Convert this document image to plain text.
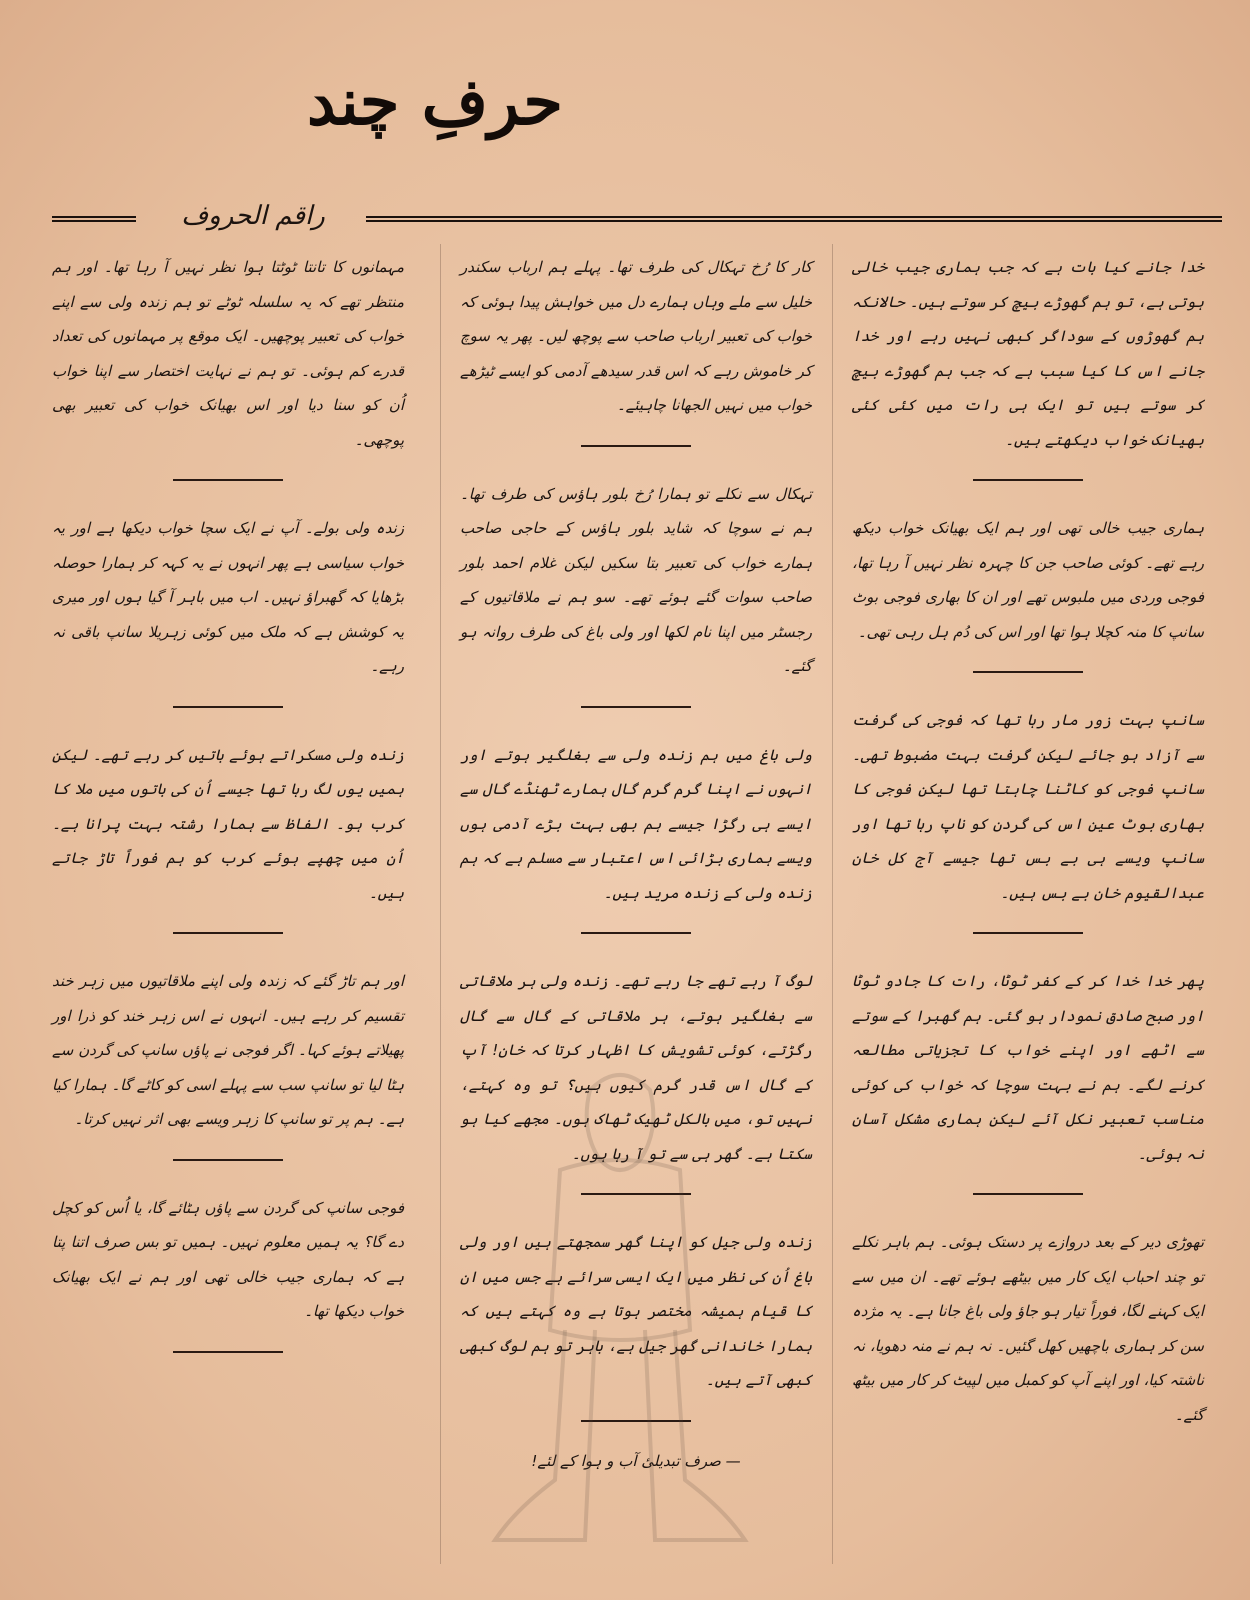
حرفِ چند
راقم الحروف

خدا جانے کیا بات ہے کہ جب ہماری جیب خالی ہوتی ہے، تو ہم گھوڑے بیچ کر سوتے ہیں۔ حالانکہ ہم گھوڑوں کے سوداگر کبھی نہیں رہے اور خدا جانے اس کا کیا سبب ہے کہ جب ہم گھوڑے بیچ کر سوتے ہیں تو ایک ہی رات میں کئی کئی بھیانک خواب دیکھتے ہیں۔

ہماری جیب خالی تھی اور ہم ایک بھیانک خواب دیکھ رہے تھے۔ کوئی صاحب جن کا چہرہ نظر نہیں آ رہا تھا، فوجی وردی میں ملبوس تھے اور ان کا بھاری فوجی بوٹ سانپ کا منہ کچلا ہوا تھا اور اس کی دُم ہل رہی تھی۔

سانپ بہت زور مار رہا تھا کہ فوجی کی گرفت سے آزاد ہو جائے لیکن گرفت بہت مضبوط تھی۔ سانپ فوجی کو کاٹنا چاہتا تھا لیکن فوجی کا بھاری بوٹ عین اس کی گردن کو ناپ رہا تھا اور سانپ ویسے ہی بے بس تھا جیسے آج کل خان عبدالقیوم خان بے بس ہیں۔

پھر خدا خدا کر کے کفر ٹوٹا، رات کا جادو ٹوٹا اور صبح صادق نمودار ہو گئی۔ ہم گھبرا کے سوتے سے اٹھے اور اپنے خواب کا تجزیاتی مطالعہ کرنے لگے۔ ہم نے بہت سوچا کہ خواب کی کوئی مناسب تعبیر نکل آئے لیکن ہماری مشکل آسان نہ ہوئی۔

تھوڑی دیر کے بعد دروازے پر دستک ہوئی۔ ہم باہر نکلے تو چند احباب ایک کار میں بیٹھے ہوئے تھے۔ ان میں سے ایک کہنے لگا، فوراً تیار ہو جاؤ ولی باغ جانا ہے۔ یہ مژدہ سن کر ہماری باچھیں کھل گئیں۔ نہ ہم نے منہ دھویا، نہ ناشتہ کیا، اور اپنے آپ کو کمبل میں لپیٹ کر کار میں بیٹھ گئے۔

کار کا رُخ تہکال کی طرف تھا۔ پہلے ہم ارباب سکندر خلیل سے ملے وہاں ہمارے دل میں خواہش پیدا ہوئی کہ خواب کی تعبیر ارباب صاحب سے پوچھ لیں۔ پھر یہ سوچ کر خاموش رہے کہ اس قدر سیدھے آدمی کو ایسے ٹیڑھے خواب میں نہیں الجھانا چاہیئے۔

تہکال سے نکلے تو ہمارا رُخ بلور ہاؤس کی طرف تھا۔ ہم نے سوچا کہ شاید بلور ہاؤس کے حاجی صاحب ہمارے خواب کی تعبیر بتا سکیں لیکن غلام احمد بلور صاحب سوات گئے ہوئے تھے۔ سو ہم نے ملاقاتیوں کے رجسٹر میں اپنا نام لکھا اور ولی باغ کی طرف روانہ ہو گئے۔

ولی باغ میں ہم زندہ ولی سے بغلگیر ہوتے اور انہوں نے اپنا گرم گرم گال ہمارے ٹھنڈے گال سے ایسے ہی رگڑا جیسے ہم بھی بہت بڑے آدمی ہوں ویسے ہماری بڑائی اس اعتبار سے مسلم ہے کہ ہم زندہ ولی کے زندہ مرید ہیں۔

لوگ آ رہے تھے جا رہے تھے۔ زندہ ولی ہر ملاقاتی سے بغلگیر ہوتے، ہر ملاقاتی کے گال سے گال رگڑتے، کوئی تشویش کا اظہار کرتا کہ خان! آپ کے گال اس قدر گرم کیوں ہیں؟ تو وہ کہتے، نہیں تو، میں بالکل ٹھیک ٹھاک ہوں۔ مجھے کیا ہو سکتا ہے۔ گھر ہی سے تو آ رہا ہوں۔

زندہ ولی جیل کو اپنا گھر سمجھتے ہیں اور ولی باغ اُن کی نظر میں ایک ایسی سرائے ہے جس میں ان کا قیام ہمیشہ مختصر ہوتا ہے وہ کہتے ہیں کہ ہمارا خاندانی گھر جیل ہے، باہر تو ہم لوگ کبھی کبھی آتے ہیں۔

— صرف تبدیلیٔ آب و ہوا کے لئے!

مہمانوں کا تانتا ٹوٹتا ہوا نظر نہیں آ رہا تھا۔ اور ہم منتظر تھے کہ یہ سلسلہ ٹوٹے تو ہم زندہ ولی سے اپنے خواب کی تعبیر پوچھیں۔ ایک موقع پر مہمانوں کی تعداد قدرے کم ہوئی۔ تو ہم نے نہایت اختصار سے اپنا خواب اُن کو سنا دیا اور اس بھیانک خواب کی تعبیر بھی پوچھی۔

زندہ ولی بولے۔ آپ نے ایک سچا خواب دیکھا ہے اور یہ خواب سیاسی ہے پھر انہوں نے یہ کہہ کر ہمارا حوصلہ بڑھایا کہ گھبراؤ نہیں۔ اب میں باہر آ گیا ہوں اور میری یہ کوشش ہے کہ ملک میں کوئی زہریلا سانپ باقی نہ رہے۔

زندہ ولی مسکراتے ہوئے باتیں کر رہے تھے۔ لیکن ہمیں یوں لگ رہا تھا جیسے اُن کی باتوں میں ملا کا کرب ہو۔ الفاظ سے ہمارا رشتہ بہت پرانا ہے۔ اُن میں چھپے ہوئے کرب کو ہم فوراً تاڑ جاتے ہیں۔

اور ہم تاڑ گئے کہ زندہ ولی اپنے ملاقاتیوں میں زہر خند تقسیم کر رہے ہیں۔ انہوں نے اس زہر خند کو ذرا اور پھیلاتے ہوئے کہا۔ اگر فوجی نے پاؤں سانپ کی گردن سے ہٹا لیا تو سانپ سب سے پہلے اسی کو کاٹے گا۔ ہمارا کیا ہے۔ ہم پر تو سانپ کا زہر ویسے بھی اثر نہیں کرتا۔

فوجی سانپ کی گردن سے پاؤں ہٹائے گا، یا اُس کو کچل دے گا؟ یہ ہمیں معلوم نہیں۔ ہمیں تو بس صرف اتنا پتا ہے کہ ہماری جیب خالی تھی اور ہم نے ایک بھیانک خواب دیکھا تھا۔
